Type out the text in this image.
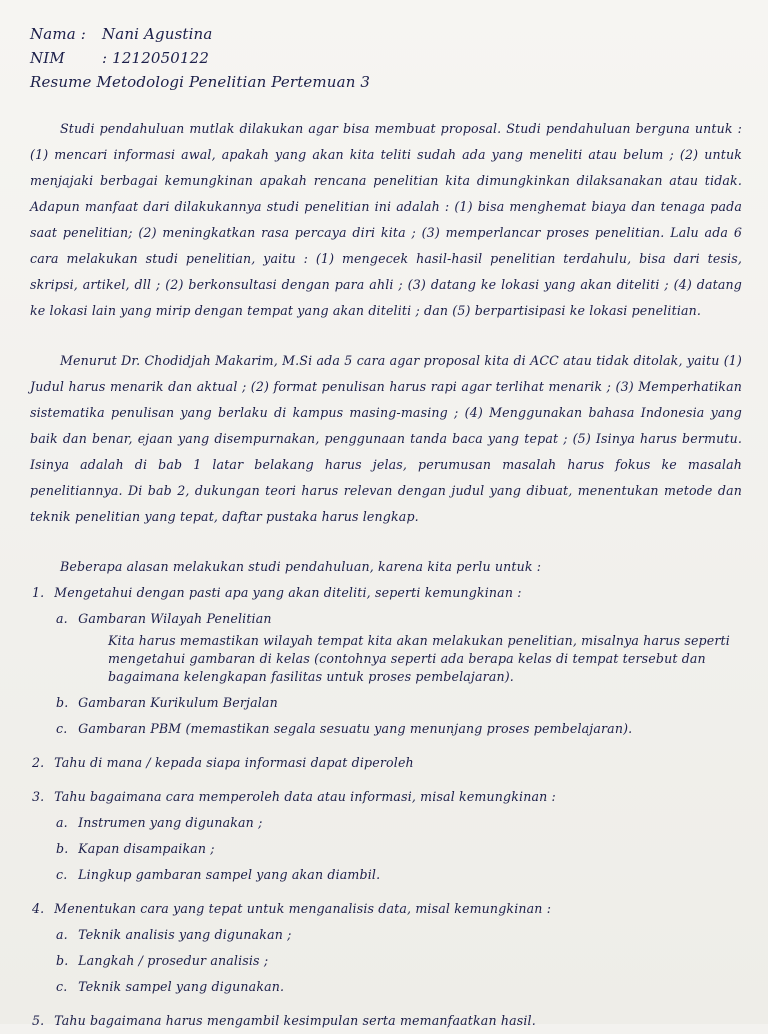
Nama :	Nani Agustina
NIM	: 1212050122
Resume Metodologi Penelitian Pertemuan 3

Studi pendahuluan mutlak dilakukan agar bisa membuat proposal. Studi pendahuluan berguna untuk : (1) mencari informasi awal, apakah yang akan kita teliti sudah ada yang meneliti atau belum ; (2) untuk menjajaki berbagai kemungkinan apakah rencana penelitian kita dimungkinkan dilaksanakan atau tidak. Adapun manfaat dari dilakukannya studi penelitian ini adalah : (1) bisa menghemat biaya dan tenaga pada saat penelitian; (2) meningkatkan rasa percaya diri kita ; (3) memperlancar proses penelitian. Lalu ada 6 cara melakukan studi penelitian, yaitu : (1) mengecek hasil-hasil penelitian terdahulu, bisa dari tesis, skripsi, artikel, dll ; (2) berkonsultasi dengan para ahli ; (3) datang ke lokasi yang akan diteliti ; (4) datang ke lokasi lain yang mirip dengan tempat yang akan diteliti ; dan (5) berpartisipasi ke lokasi penelitian.

Menurut Dr. Chodidjah Makarim, M.Si ada 5 cara agar proposal kita di ACC atau tidak ditolak, yaitu (1) Judul harus menarik dan aktual ; (2) format penulisan harus rapi agar terlihat menarik ; (3) Memperhatikan sistematika penulisan yang berlaku di kampus masing-masing ; (4) Menggunakan bahasa Indonesia yang baik dan benar, ejaan yang disempurnakan, penggunaan tanda baca yang tepat ; (5) Isinya harus bermutu. Isinya adalah di bab 1 latar belakang harus jelas, perumusan masalah harus fokus ke masalah penelitiannya. Di bab 2, dukungan teori harus relevan dengan judul yang dibuat, menentukan metode dan teknik penelitian yang tepat, daftar pustaka harus lengkap.

Beberapa alasan melakukan studi pendahuluan, karena kita perlu untuk :

1. Mengetahui dengan pasti apa yang akan diteliti, seperti kemungkinan :
a. Gambaran Wilayah Penelitian
Kita harus memastikan wilayah tempat kita akan melakukan penelitian, misalnya harus seperti mengetahui gambaran di kelas (contohnya seperti ada berapa kelas di tempat tersebut dan bagaimana kelengkapan fasilitas untuk proses pembelajaran).
b. Gambaran Kurikulum Berjalan
c. Gambaran PBM (memastikan segala sesuatu yang menunjang proses pembelajaran).
2. Tahu di mana / kepada siapa informasi dapat diperoleh
3. Tahu bagaimana cara memperoleh data atau informasi, misal kemungkinan :
a. Instrumen yang digunakan ;
b. Kapan disampaikan ;
c. Lingkup gambaran sampel yang akan diambil.
4. Menentukan cara yang tepat untuk menganalisis data, misal kemungkinan :
a. Teknik analisis yang digunakan ;
b. Langkah / prosedur analisis ;
c. Teknik sampel yang digunakan.
5. Tahu bagaimana harus mengambil kesimpulan serta memanfaatkan hasil.
